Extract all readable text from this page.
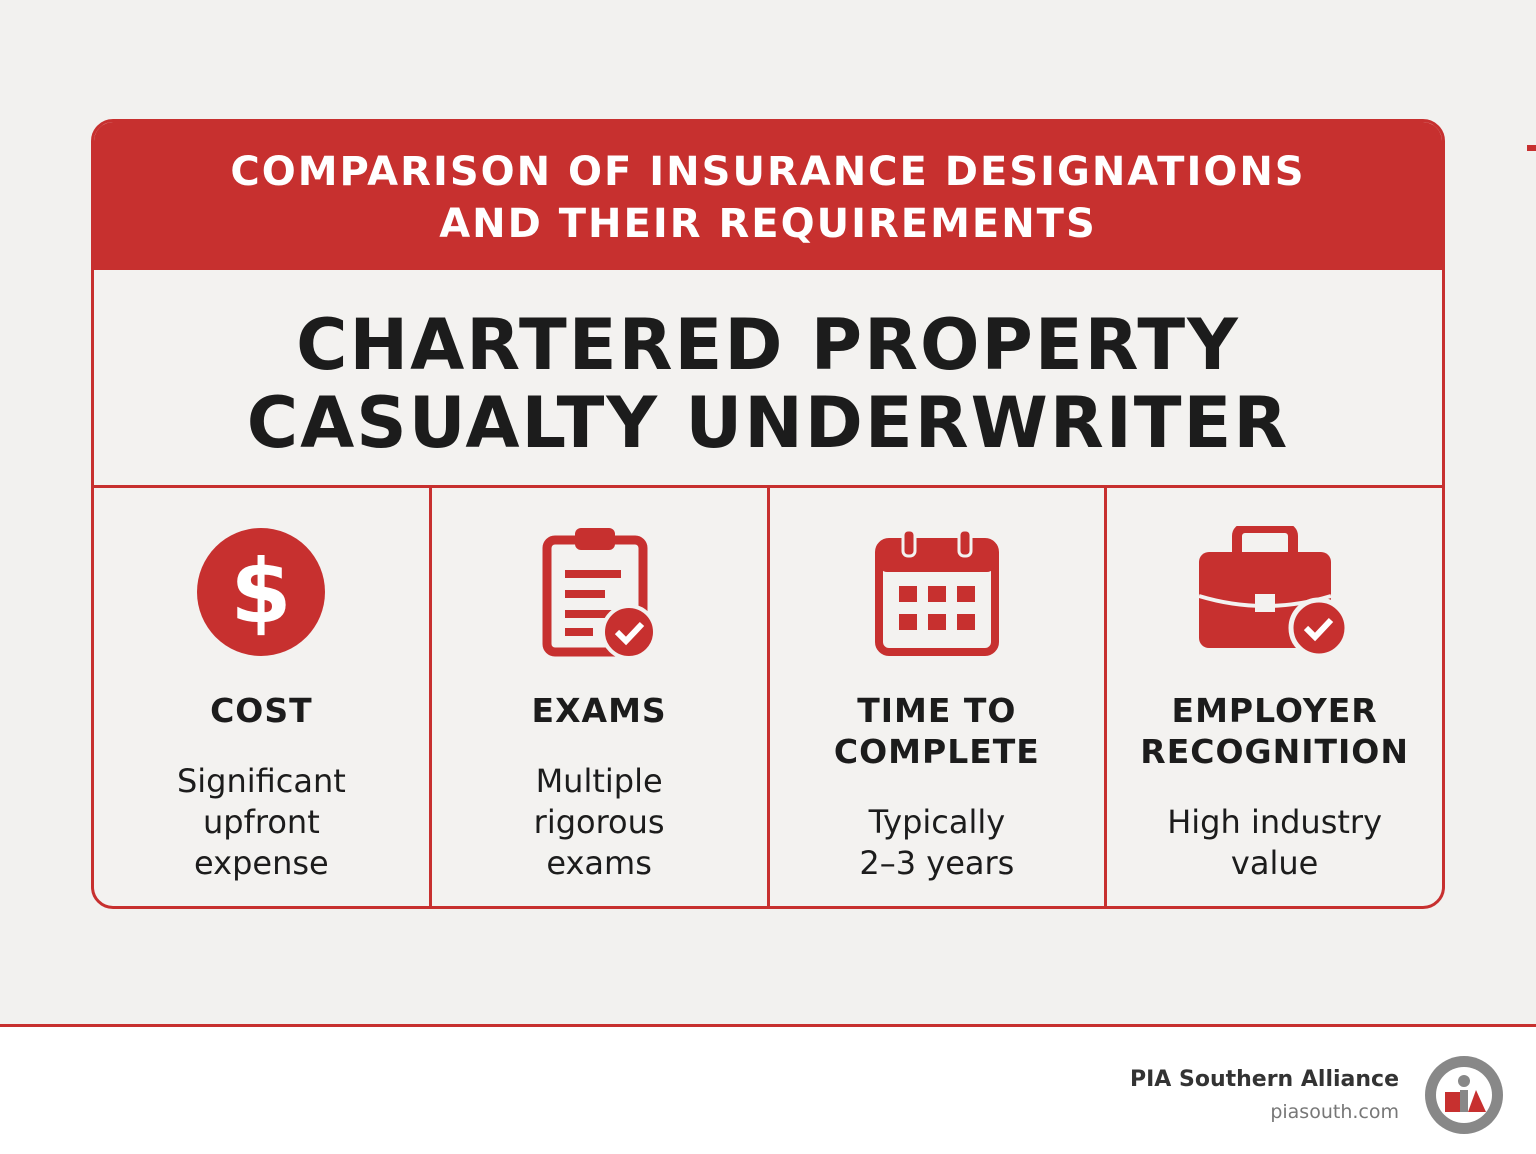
COMPARISON OF INSURANCE DESIGNATIONS
AND THEIR REQUIREMENTS
CHARTERED PROPERTY
CASUALTY UNDERWRITER
$
COST
Significant
upfront
expense
EXAMS
Multiple
rigorous
exams
TIME TO
COMPLETE
Typically
2–3 years
EMPLOYER
RECOGNITION
High industry
value
PIA Southern Alliance
piasouth.com
